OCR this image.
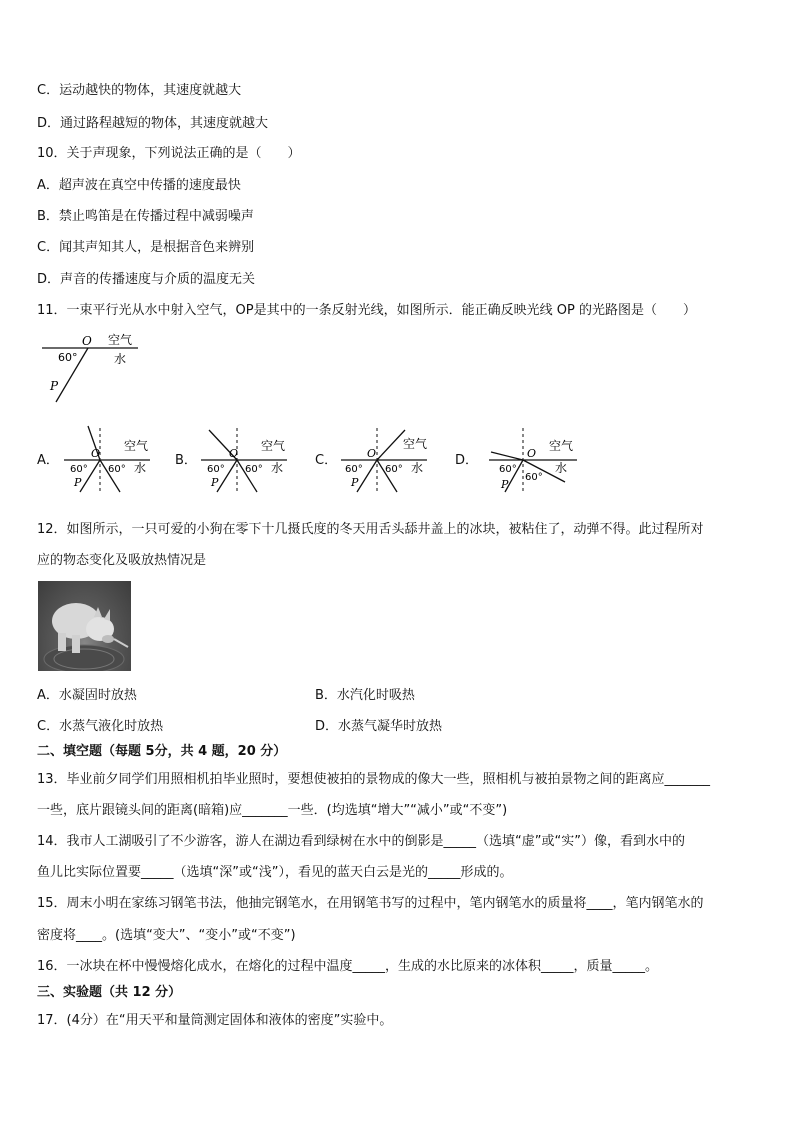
C．运动越快的物体，其速度就越大
D．通过路程越短的物体，其速度就越大
10．关于声现象，下列说法正确的是（　　）
A．超声波在真空中传播的速度最快
B．禁止鸣笛是在传播过程中减弱噪声
C．闻其声知其人，是根据音色来辨别
D．声音的传播速度与介质的温度无关
11．一束平行光从水中射入空气，OP是其中的一条反射光线，如图所示．能正确反映光线 OP 的光路图是（　　）
O 空气
水
60°
P
A．	O
空气
水
60° 60°
P
B．	O
空气
水
60° 60°
P
C．	O
空气
水
60° 60°
P
D．	O
空气
水
60°
60°
P
12．如图所示，一只可爱的小狗在零下十几摄氏度的冬天用舌头舔井盖上的冰块，被粘住了，动弹不得。此过程所对
应的物态变化及吸放热情况是
A．水凝固时放热	B．水汽化时吸热
C．水蒸气液化时放热	D．水蒸气凝华时放热
二、填空题（每题 5分，共 4 题，20 分）
13．毕业前夕同学们用照相机拍毕业照时，要想使被拍的景物成的像大一些，照相机与被拍景物之间的距离应_______
一些，底片跟镜头间的距离(暗箱)应_______一些．(均选填“增大”“减小”或“不变”)
14．我市人工湖吸引了不少游客，游人在湖边看到绿树在水中的倒影是_____（选填“虚”或“实”）像，看到水中的
鱼儿比实际位置要_____（选填“深”或“浅”），看见的蓝天白云是光的_____形成的。
15．周末小明在家练习钢笔书法，他抽完钢笔水，在用钢笔书写的过程中，笔内钢笔水的质量将____，笔内钢笔水的
密度将____。(选填“变大”、“变小”或“不变”)
16．一冰块在杯中慢慢熔化成水，在熔化的过程中温度_____，生成的水比原来的冰体积_____，质量_____。
三、实验题（共 12 分）
17．(4分）在“用天平和量筒测定固体和液体的密度”实验中。
